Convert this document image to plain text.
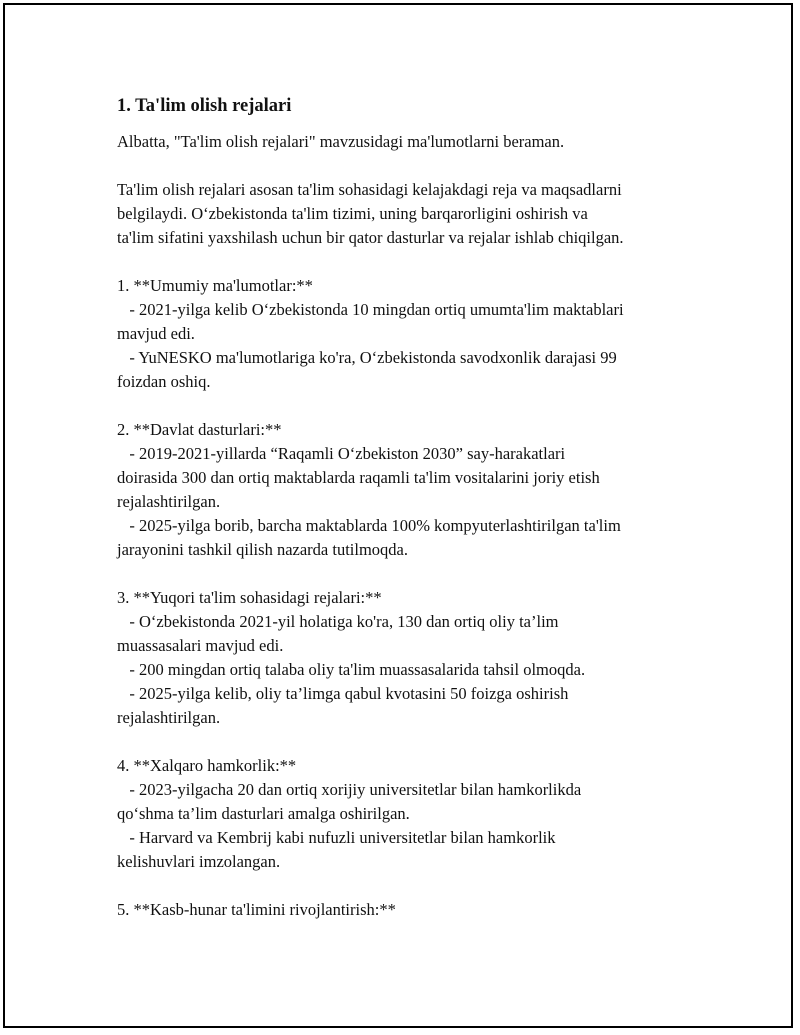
1. Ta'lim olish rejalari

Albatta, "Ta'lim olish rejalari" mavzusidagi ma'lumotlarni beraman.

Ta'lim olish rejalari asosan ta'lim sohasidagi kelajakdagi reja va maqsadlarni

belgilaydi. O‘zbekistonda ta'lim tizimi, uning barqarorligini oshirish va

ta'lim sifatini yaxshilash uchun bir qator dasturlar va rejalar ishlab chiqilgan.

1. **Umumiy ma'lumotlar:**

- 2021-yilga kelib O‘zbekistonda 10 mingdan ortiq umumta'lim maktablari

mavjud edi.

- YuNESKO ma'lumotlariga ko'ra, O‘zbekistonda savodxonlik darajasi 99

foizdan oshiq.

2. **Davlat dasturlari:**

- 2019-2021-yillarda “Raqamli O‘zbekiston 2030” say-harakatlari

doirasida 300 dan ortiq maktablarda raqamli ta'lim vositalarini joriy etish

rejalashtirilgan.

- 2025-yilga borib, barcha maktablarda 100% kompyuterlashtirilgan ta'lim

jarayonini tashkil qilish nazarda tutilmoqda.

3. **Yuqori ta'lim sohasidagi rejalari:**

- O‘zbekistonda 2021-yil holatiga ko'ra, 130 dan ortiq oliy ta’lim

muassasalari mavjud edi.

- 200 mingdan ortiq talaba oliy ta'lim muassasalarida tahsil olmoqda.

- 2025-yilga kelib, oliy ta’limga qabul kvotasini 50 foizga oshirish

rejalashtirilgan.

4. **Xalqaro hamkorlik:**

- 2023-yilgacha 20 dan ortiq xorijiy universitetlar bilan hamkorlikda

qo‘shma ta’lim dasturlari amalga oshirilgan.

- Harvard va Kembrij kabi nufuzli universitetlar bilan hamkorlik

kelishuvlari imzolangan.

5. **Kasb-hunar ta'limini rivojlantirish:**
